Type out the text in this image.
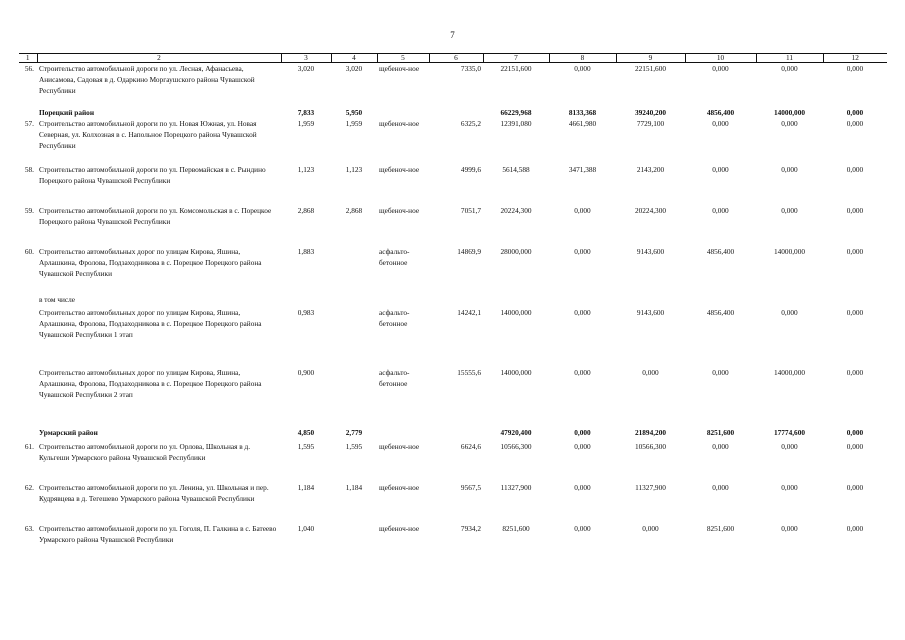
7
1	2	3	4	5	6	7	8	9	10	11	12
56.	Строительство автомобильной дороги по ул. Лесная, Афанасьева, Анисамова, Садовая в д. Одаркино Моргаушского района Чувашской Республики	3,020	3,020	щебеноч-ное	7335,0	22151,600	0,000	22151,600	0,000	0,000	0,000
	Порецкий район	7,833	5,950			66229,968	8133,368	39240,200	4856,400	14000,000	0,000
57.	Строительство автомобильной дороги по ул. Новая Южная, ул. Новая Северная, ул. Колхозная в с. Напольное Порецкого района Чувашской Республики	1,959	1,959	щебеноч-ное	6325,2	12391,080	4661,980	7729,100	0,000	0,000	0,000
58.	Строительство автомобильной дороги по ул. Первомайская в с. Рындино Порецкого района Чувашской Республики	1,123	1,123	щебеноч-ное	4999,6	5614,588	3471,388	2143,200	0,000	0,000	0,000
59.	Строительство автомобильной дороги по ул. Комсомольская в с. Порецкое Порецкого района Чувашской Республики	2,868	2,868	щебеноч-ное	7051,7	20224,300	0,000	20224,300	0,000	0,000	0,000
60.	Строительство автомобильных дорог по улицам Кирова, Яшина, Арлашкина, Фролова, Подзаходникова в с. Порецкое Порецкого района Чувашской Республики	1,883		асфальто-бетонное	14869,9	28000,000	0,000	9143,600	4856,400	14000,000	0,000
	в том числе										
	Строительство автомобильных дорог по улицам Кирова, Яшина, Арлашкина, Фролова, Подзаходникова в с. Порецкое Порецкого района Чувашской Республики 1 этап	0,983		асфальто-бетонное	14242,1	14000,000	0,000	9143,600	4856,400	0,000	0,000
	Строительство автомобильных дорог по улицам Кирова, Яшина, Арлашкина, Фролова, Подзаходникова в с. Порецкое Порецкого района Чувашской Республики 2 этап	0,900		асфальто-бетонное	15555,6	14000,000	0,000	0,000	0,000	14000,000	0,000
	Урмарский район	4,850	2,779			47920,400	0,000	21894,200	8251,600	17774,600	0,000
61.	Строительство автомобильной дороги по ул. Орлова, Школьная в д. Кульгеши Урмарского района Чувашской Республики	1,595	1,595	щебеноч-ное	6624,6	10566,300	0,000	10566,300	0,000	0,000	0,000
62.	Строительство автомобильной дороги по ул. Ленина, ул. Школьная и пер. Кудрявцева в д. Тегешево Урмарского района Чувашской Республики	1,184	1,184	щебеноч-ное	9567,5	11327,900	0,000	11327,900	0,000	0,000	0,000
63.	Строительство автомобильной дороги по ул. Гоголя, П. Галкина в с. Батеево Урмарского района Чувашской Республики	1,040		щебеноч-ное	7934,2	8251,600	0,000	0,000	8251,600	0,000	0,000
